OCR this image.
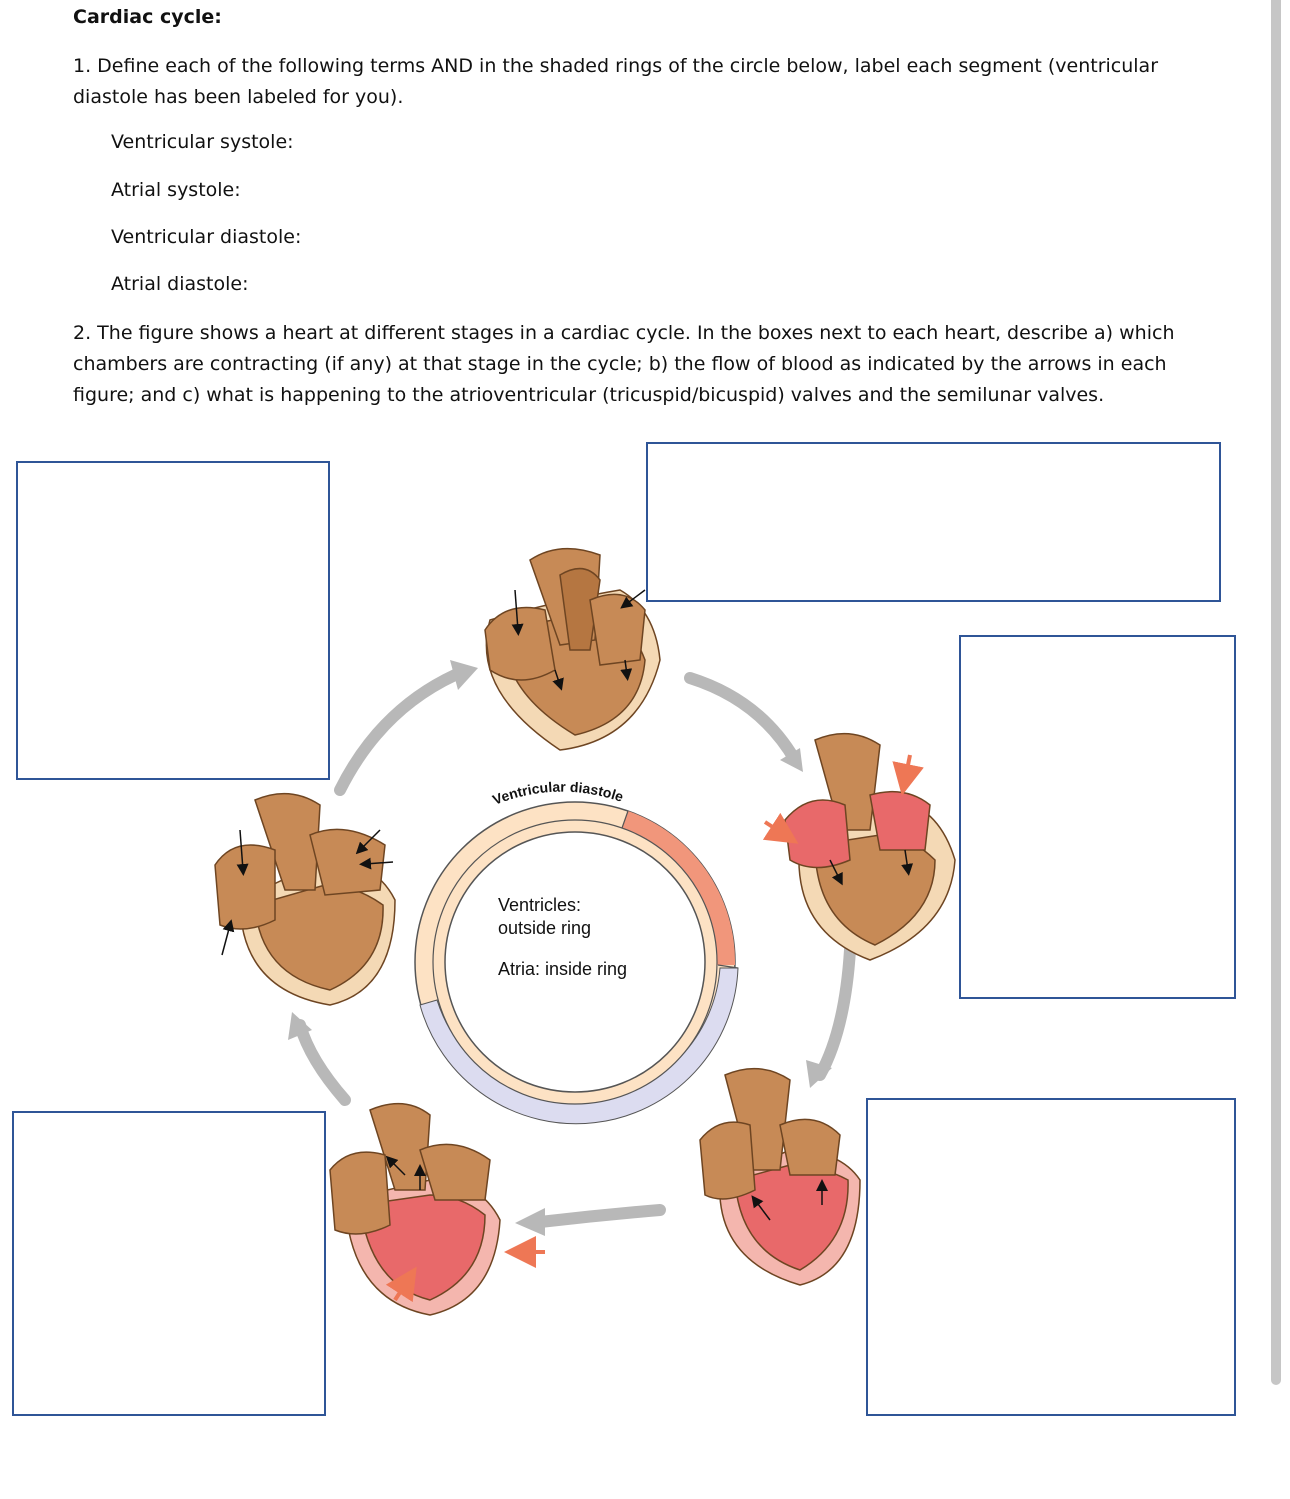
Cardiac cycle:
1. Define each of the following terms AND in the shaded rings of the circle below, label each segment (ventricular diastole has been labeled for you).
Ventricular systole:
Atrial systole:
Ventricular diastole:
Atrial diastole:
2. The figure shows a heart at different stages in a cardiac cycle. In the boxes next to each heart, describe a) which chambers are contracting (if any) at that stage in the cycle; b) the flow of blood as indicated by the arrows in each figure; and c) what is happening to the atrioventricular (tricuspid/bicuspid) valves and the semilunar valves.
Ventricular diastole
Ventricles:
outside ring
Atria: inside ring
